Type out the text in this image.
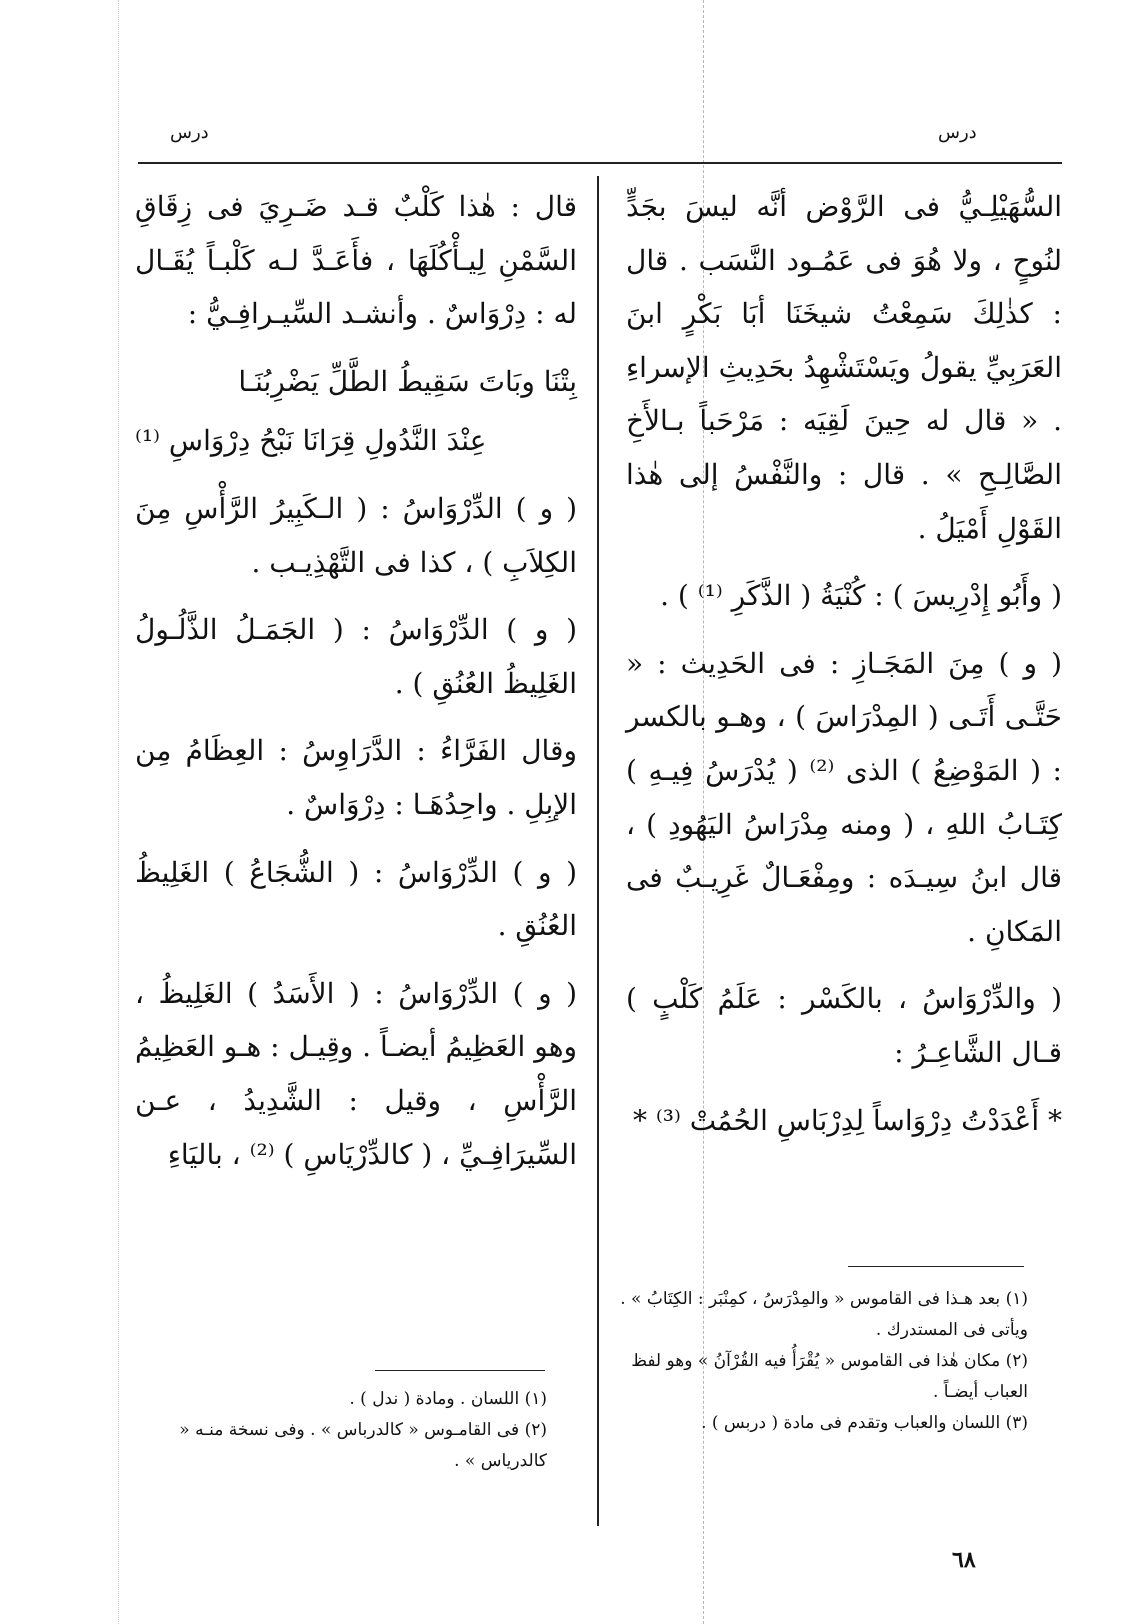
درس
درس

السُّهَيْلِـيُّ فى الرَّوْض أنَّه ليسَ بجَدٍّ لنُوحٍ ، ولا هُوَ فى عَمُـود النَّسَب . قال : كذٰلِكَ سَمِعْتُ شيخَنَا أبَا بَكْرٍ ابنَ العَرَبِيِّ يقولُ ويَسْتَشْهِدُ بحَدِيثِ الإسراءِ . « قال له حِينَ لَقِيَه : مَرْحَباً بـالأَخِ الصَّالِـحِ » . قال : والنَّفْسُ إلى هٰذا القَوْلِ أَمْيَلُ .

( وأَبُو إِدْرِيسَ ) : كُنْيَةُ ( الذَّكَرِ ⁽¹⁾ ) .

( و ) مِنَ المَجَـازِ : فى الحَدِيث : « حَتَّـى أَتَـى ( المِدْرَاسَ ) ، وهـو بالكسر : ( المَوْضِعُ ) الذى ⁽²⁾ ( يُدْرَسُ فِيـهِ ) كِتَـابُ اللهِ ، ( ومنه مِدْرَاسُ اليَهُودِ ) ، قال ابنُ سِيـدَه : ومِفْعَـالٌ غَرِيـبٌ فى المَكانِ .

( والدِّرْوَاسُ ، بالكَسْر : عَلَمُ كَلْبٍ ) قـال الشَّاعِـرُ :

* أَعْدَدْتُ دِرْوَاساً لِدِرْبَاسِ الحُمُتْ ⁽³⁾ *

قال : هٰذا كَلْبٌ قـد ضَـرِيَ فى زِقَاقِ السَّمْنِ لِيـأْكُلَهَا ، فأَعَـدَّ لـه كَلْبـاً يُقَـال له : دِرْوَاسٌ . وأنشـد السِّيـرافِـيُّ :

بِتْنَا وبَاتَ سَقِيطُ الطَّلِّ يَضْرِبُنَـا

عِنْدَ النَّدُولِ قِرَانَا نَبْحُ دِرْوَاسِ ⁽¹⁾

( و ) الدِّرْوَاسُ : ( الـكَبِيرُ الرَّأْسِ مِنَ الكِلاَبِ ) ، كذا فى التَّهْذِيـب .

( و ) الدِّرْوَاسُ : ( الجَمَـلُ الذَّلُـولُ الغَلِيظُ العُنُقِ ) .

وقال الفَرَّاءُ : الدَّرَاوِسُ : العِظَامُ مِن الإبِلِ . واحِدُهَـا : دِرْوَاسٌ .

( و ) الدِّرْوَاسُ : ( الشُّجَاعُ ) الغَلِيظُ العُنُقِ .

( و ) الدِّرْوَاسُ : ( الأَسَدُ ) الغَلِيظُ ، وهو العَظِيمُ أيضـاً . وقِيـل : هـو العَظِيمُ الرَّأْسِ ، وقيل : الشَّدِيدُ ، عـن السِّيرَافِـيِّ ، ( كالدِّرْيَاسِ ) ⁽²⁾ ، باليَاءِ

(١) بعد هـذا فى القاموس « والمِدْرَسُ ، كمِنْبَر : الكِتَابُ » . ويأتى فى المستدرك .
(٢) مكان هٰذا فى القاموس « يُقْرَأُ فيه القُرْآنُ » وهو لفظ العباب أيضـاً .
(٣) اللسان والعباب وتقدم فى مادة ( دربس ) .
(١) اللسان . ومادة ( ندل ) .
(٢) فى القامـوس « كالدرباس » . وفى نسخة منـه « كالدرياس » .
٦٨
